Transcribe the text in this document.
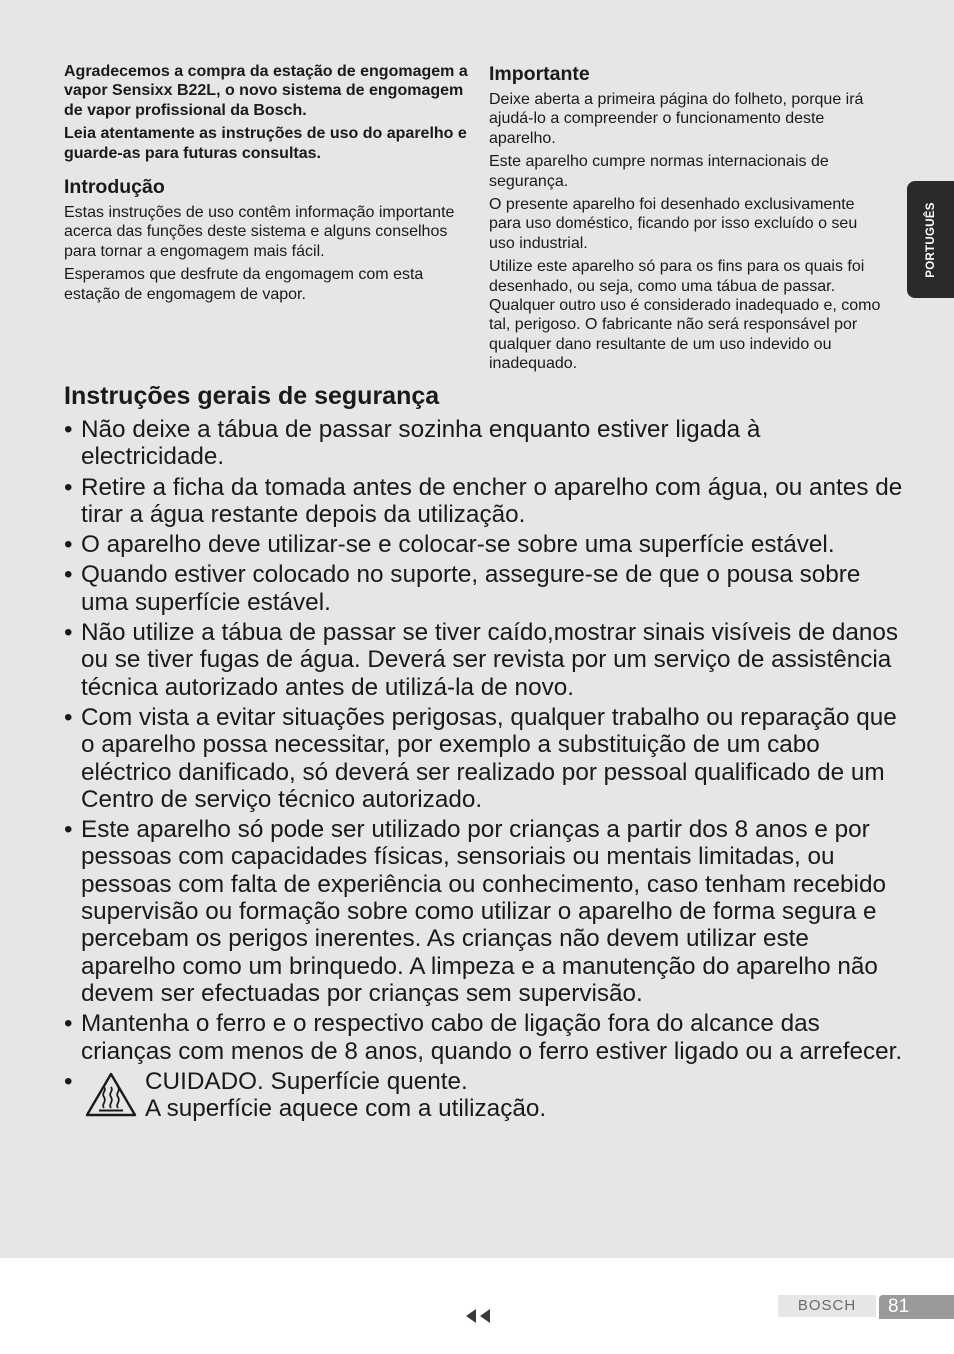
Agradecemos a compra da estação de engomagem a vapor Sensixx B22L, o novo sistema de engomagem de vapor profissional da Bosch.

Leia atentamente as instruções de uso do aparelho e guarde-as para futuras consultas.

Introdução

Estas instruções de uso contêm informação importante acerca das funções deste sistema e alguns conselhos para tornar a engomagem mais fácil.

Esperamos que desfrute da engomagem com esta estação de engomagem de vapor.

Importante

Deixe aberta a primeira página do folheto, porque irá ajudá-lo a compreender o funcionamento deste aparelho.

Este aparelho cumpre normas internacionais de segurança.

O presente aparelho foi desenhado exclusivamente para uso doméstico, ficando por isso excluído o seu uso industrial.

Utilize este aparelho só para os fins para os quais foi desenhado, ou seja, como uma tábua de passar. Qualquer outro uso é considerado inadequado e, como tal, perigoso. O fabricante não será responsável por qualquer dano resultante de um uso indevido ou inadequado.

PORTUGUÊS
Instruções gerais de segurança
• Não deixe a tábua de passar sozinha enquanto estiver ligada à electricidade.
• Retire a ficha da tomada antes de encher o aparelho com água, ou antes de tirar a água restante depois da utilização.
• O aparelho deve utilizar-se e colocar-se sobre uma superfície estável.
• Quando estiver colocado no suporte, assegure-se de que o pousa sobre uma superfície estável.
• Não utilize a tábua de passar se tiver caído,mostrar sinais visíveis de danos ou se tiver fugas de água. Deverá ser revista por um serviço de assistência técnica autorizado antes de utilizá-la de novo.
• Com vista a evitar situações perigosas, qualquer trabalho ou reparação que o aparelho possa necessitar, por exemplo a substituição de um cabo eléctrico danificado, só deverá ser realizado por pessoal qualificado de um Centro de serviço técnico autorizado.
• Este aparelho só pode ser utilizado por crianças a partir dos 8 anos e por pessoas com capacidades físicas, sensoriais ou mentais limitadas, ou pessoas com falta de experiência ou conhecimento, caso tenham recebido supervisão ou formação sobre como utilizar o aparelho de forma segura e percebam os perigos inerentes. As crianças não devem utilizar este aparelho como um brinquedo. A limpeza e a manutenção do aparelho não devem ser efectuadas por crianças sem supervisão.
• Mantenha o ferro e o respectivo cabo de ligação fora do alcance das crianças com menos de 8 anos, quando o ferro estiver ligado ou a arrefecer.
• CUIDADO. Superfície quente.
A superfície aquece com a utilização.
BOSCH	81
